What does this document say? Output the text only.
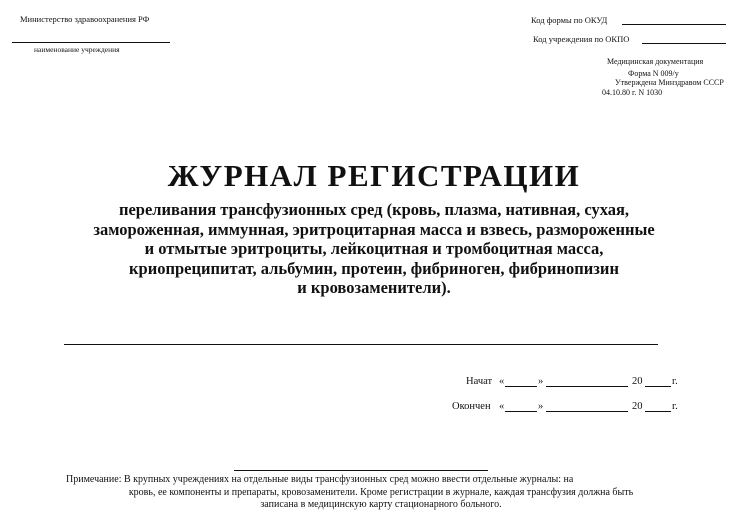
Министерство здравоохранения РФ
наименование учреждения
Код формы по ОКУД
Код учреждения по ОКПО
Медицинская документация
Форма N 009/у
Утверждена Минздравом СССР
04.10.80 г. N 1030
ЖУРНАЛ РЕГИСТРАЦИИ
переливания трансфузионных сред (кровь, плазма, нативная, сухая,
замороженная, иммунная, эритроцитарная масса и взвесь, размороженные
и отмытые эритроциты, лейкоцитная и тромбоцитная масса,
криопреципитат, альбумин, протеин, фибриноген, фибринопизин
и кровозаменители).
Начат «	»	20	г.
Окончен «	»	20	г.
Примечание: В крупных учреждениях на отдельные виды трансфузионных сред можно ввести отдельные журналы: на
кровь, ее компоненты и препараты, кровозаменители. Кроме регистрации в журнале, каждая трансфузия должна быть
записана в медицинскую карту стационарного больного.
